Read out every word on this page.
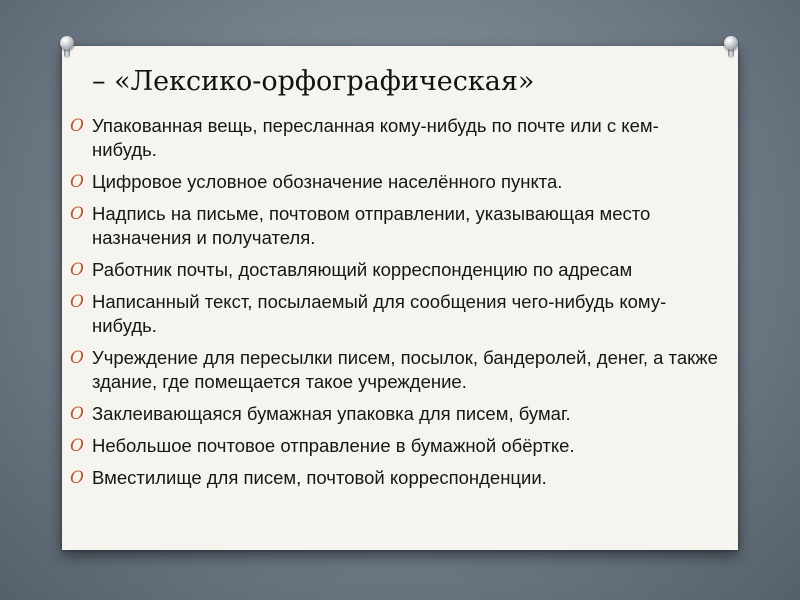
– «Лексико-орфографическая»
O Упакованная вещь, пересланная кому-нибудь по почте или с кем- нибудь.
O Цифровое условное обозначение населённого пункта.
O Надпись на письме, почтовом отправлении, указывающая место назначения и получателя.
O Работник почты, доставляющий корреспонденцию по адресам
O Написанный текст, посылаемый для сообщения чего-нибудь кому-нибудь.
O Учреждение для пересылки писем, посылок, бандеролей, денег, а также здание, где помещается такое учреждение.
O Заклеивающаяся бумажная упаковка для писем, бумаг.
O Небольшое почтовое отправление в бумажной обёртке.
O Вместилище для писем, почтовой корреспонденции.
